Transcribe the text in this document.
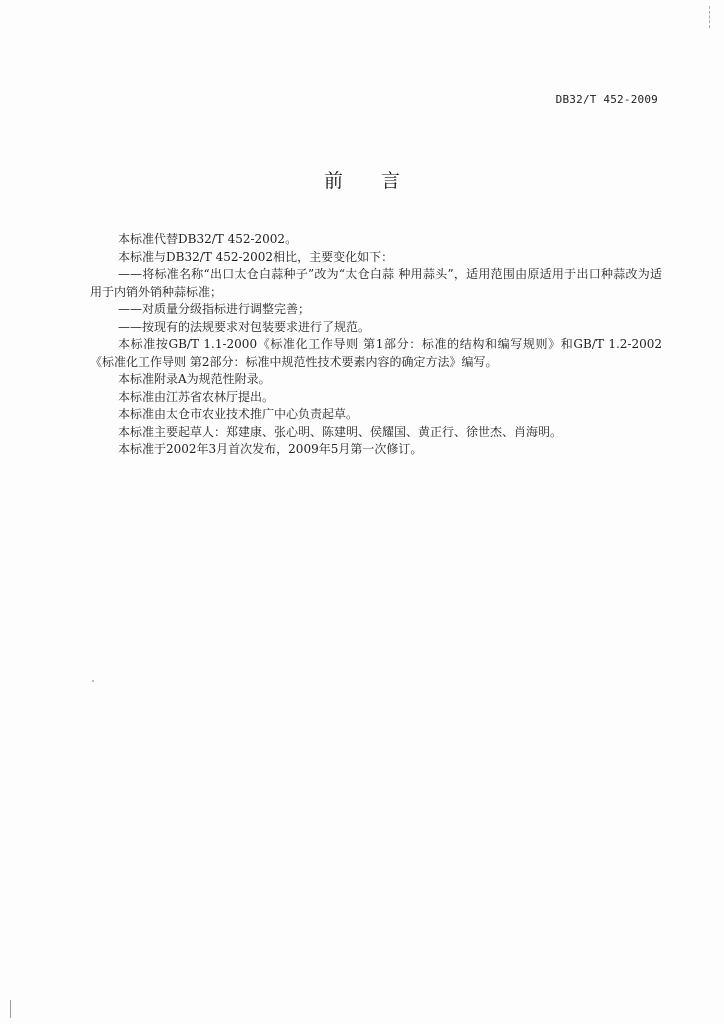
DB32/T 452-2009
前言

本标准代替DB32/T 452-2002。

本标准与DB32/T 452-2002相比，主要变化如下：

——将标准名称“出口太仓白蒜种子”改为“太仓白蒜 种用蒜头”，适用范围由原适用于出口种蒜改为适用于内销外销种蒜标准；

——对质量分级指标进行调整完善；

——按现有的法规要求对包装要求进行了规范。

本标准按GB/T 1.1-2000《标准化工作导则 第1部分：标准的结构和编写规则》和GB/T 1.2-2002《标准化工作导则 第2部分：标准中规范性技术要素内容的确定方法》编写。

本标准附录A为规范性附录。

本标准由江苏省农林厅提出。

本标准由太仓市农业技术推广中心负责起草。

本标准主要起草人：郑建康、张心明、陈建明、侯耀国、黄正行、徐世杰、肖海明。

本标准于2002年3月首次发布，2009年5月第一次修订。
